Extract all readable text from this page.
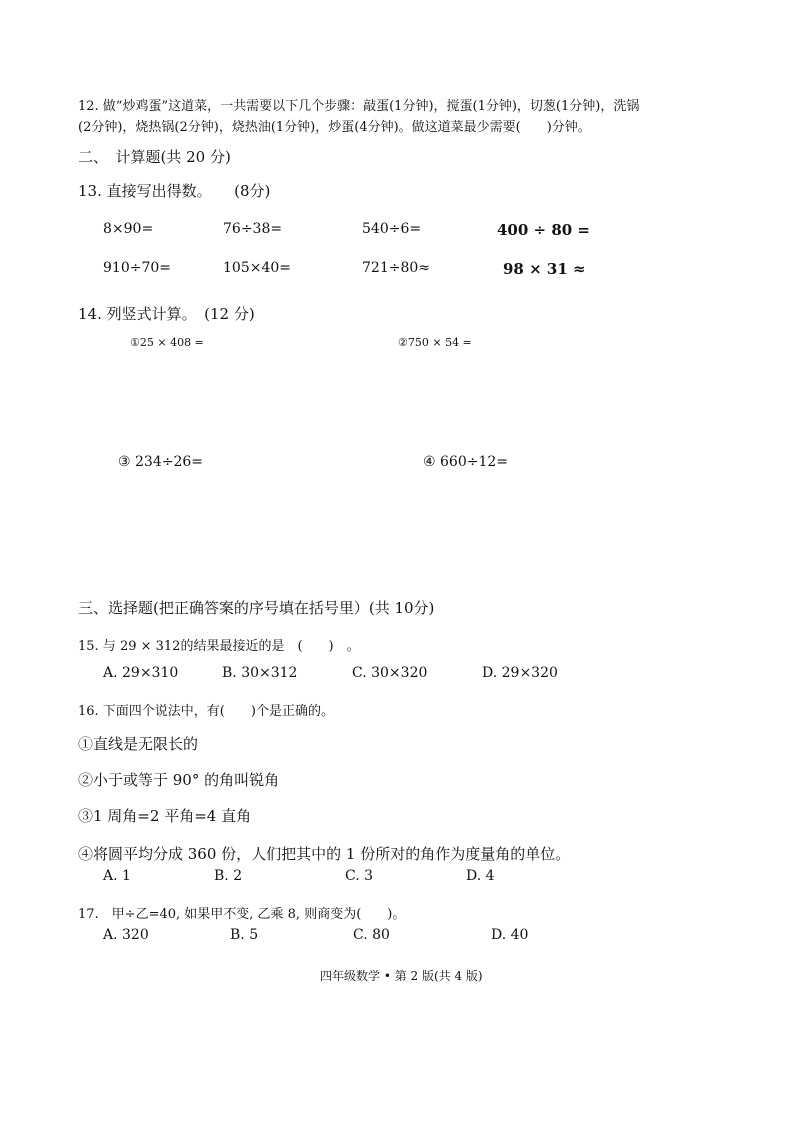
12. 做“炒鸡蛋”这道菜，一共需要以下几个步骤：敲蛋(1分钟)，搅蛋(1分钟)，切葱(1分钟)，洗锅
(2分钟)，烧热锅(2分钟)，烧热油(1分钟)，炒蛋(4分钟)。做这道菜最少需要(　　)分钟。
二、　计算题(共 20 分)
13. 直接写出得数。　　(8分)
8×90=	76÷38=	540÷6=	400 ÷ 80 =
910÷70=	105×40=	721÷80≈	98 × 31 ≈
14. 列竖式计算。　(12 分)
①25 × 408 =	②750 × 54 =
③ 234÷26=	④ 660÷12=
三、选择题(把正确答案的序号填在括号里）(共 10分)
15. 与 29 × 312的结果最接近的是　(　　)　。
A. 29×310	B. 30×312	C. 30×320	D. 29×320
16. 下面四个说法中，有(　　)个是正确的。
①直线是无限长的
②小于或等于 90° 的角叫锐角
③1 周角=2 平角=4 直角
④将圆平均分成 360 份，人们把其中的 1 份所对的角作为度量角的单位。
A. 1	B. 2	C. 3	D. 4
17.　甲÷乙=40, 如果甲不变, 乙乘 8, 则商变为(　　)。
A. 320	B. 5	C. 80	D. 40
四年级数学 • 第 2 版(共 4 版)
